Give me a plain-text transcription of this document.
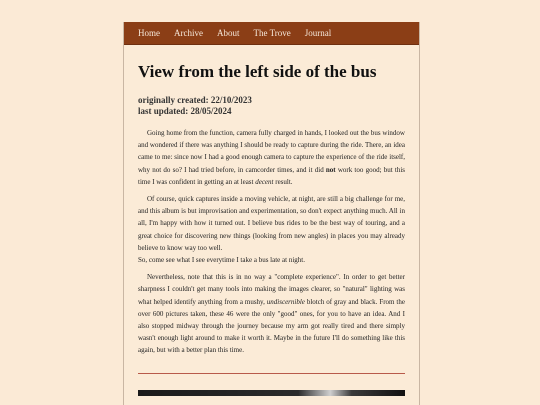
Home Archive About The Trove Journal
View from the left side of the bus
originally created: 22/10/2023
last updated: 28/05/2024

Going home from the function, camera fully charged in hands, I looked out the bus window and wondered if there was anything I should be ready to capture during the ride. There, an idea came to me: since now I had a good enough camera to capture the experience of the ride itself, why not do so? I had tried before, in camcorder times, and it did not work too good; but this time I was confident in getting an at least decent result.

Of course, quick captures inside a moving vehicle, at night, are still a big challenge for me, and this album is but improvisation and experimentation, so don't expect anything much. All in all, I'm happy with how it turned out. I believe bus rides to be the best way of touring, and a great choice for discovering new things (looking from new angles) in places you may already believe to know way too well.

So, come see what I see everytime I take a bus late at night.

Nevertheless, note that this is in no way a "complete experience". In order to get better sharpness I couldn't get many tools into making the images clearer, so "natural" lighting was what helped identify anything from a mushy, undiscernible blotch of gray and black. From the over 600 pictures taken, these 46 were the only "good" ones, for you to have an idea. And I also stopped midway through the journey because my arm got really tired and there simply wasn't enough light around to make it worth it. Maybe in the future I'll do something like this again, but with a better plan this time.
